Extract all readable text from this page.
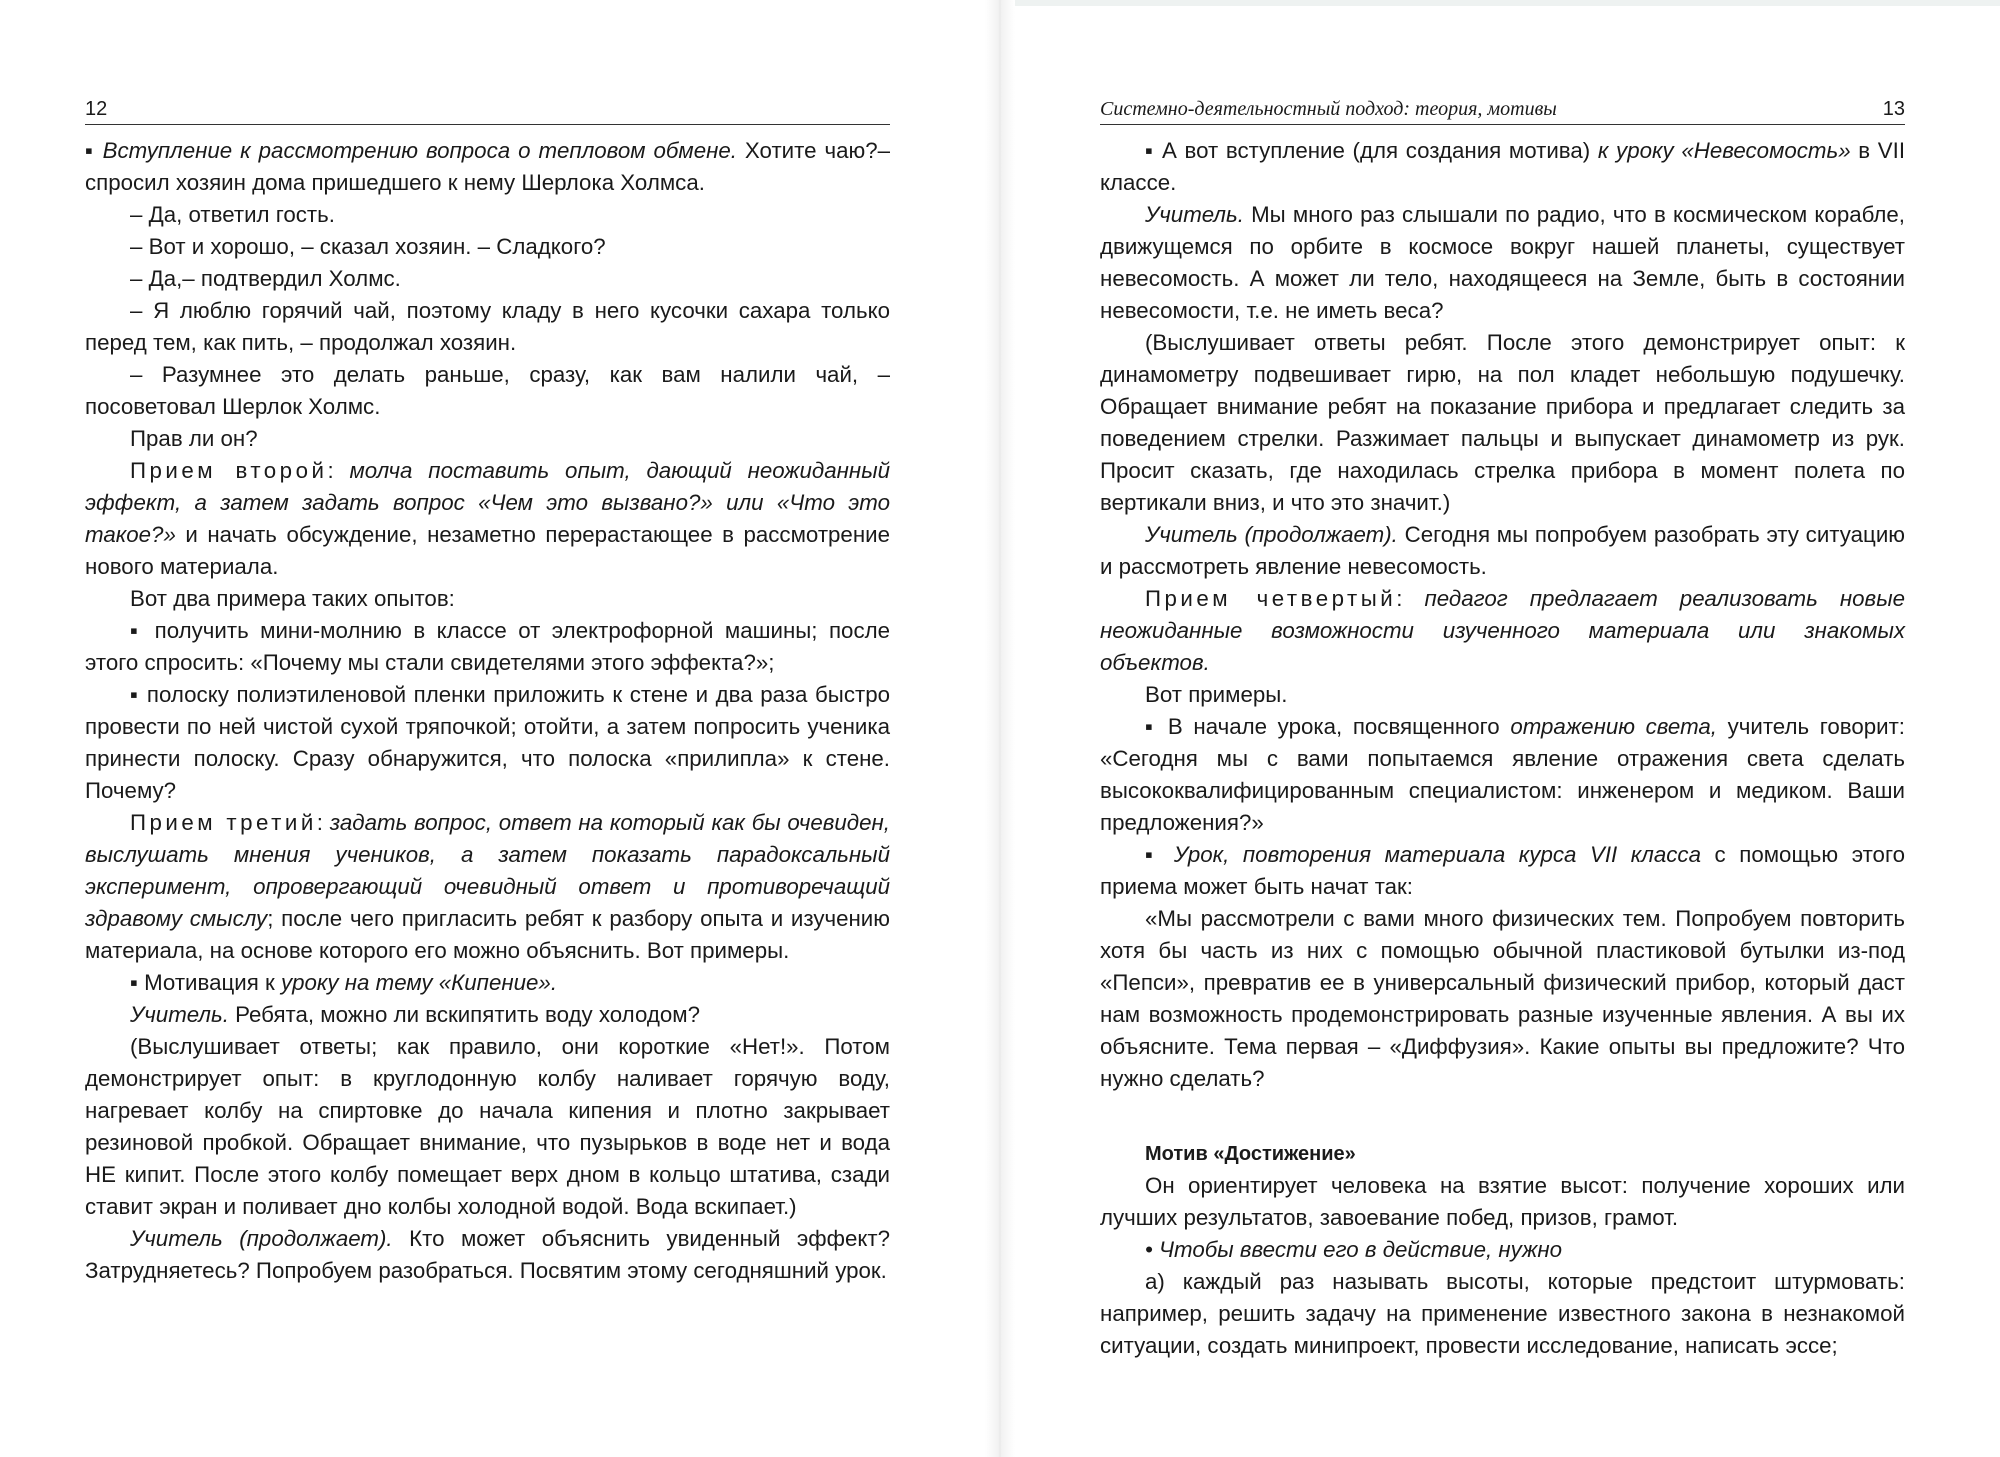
12

▪ Вступление к рассмотрению вопроса о тепловом обмене. Хотите чаю?– спросил хозяин дома пришедшего к нему Шерлока Холмса.

– Да, ответил гость.

– Вот и хорошо, – сказал хозяин. – Сладкого?

– Да,– подтвердил Холмс.

– Я люблю горячий чай, поэтому кладу в него кусочки сахара только перед тем, как пить, – продолжал хозяин.

– Разумнее это делать раньше, сразу, как вам налили чай, – посоветовал Шерлок Холмс.

Прав ли он?

Прием второй: молча поставить опыт, дающий неожиданный эффект, а затем задать вопрос «Чем это вызвано?» или «Что это такое?» и начать обсуждение, незаметно перерастающее в рассмотрение нового материала.

Вот два примера таких опытов:

▪ получить мини-молнию в классе от электрофорной машины; после этого спросить: «Почему мы стали свидетелями этого эффекта?»;

▪ полоску полиэтиленовой пленки приложить к стене и два раза быстро провести по ней чистой сухой тряпочкой; отойти, а затем попросить ученика принести полоску. Сразу обнаружится, что полоска «прилипла» к стене. Почему?

Прием третий: задать вопрос, ответ на который как бы очевиден, выслушать мнения учеников, а затем показать парадоксальный эксперимент, опровергающий очевидный ответ и противоречащий здравому смыслу; после чего пригласить ребят к разбору опыта и изучению материала, на основе которого его можно объяснить. Вот примеры.

▪ Мотивация к уроку на тему «Кипение».

Учитель. Ребята, можно ли вскипятить воду холодом?

(Выслушивает ответы; как правило, они короткие «Нет!». Потом демонстрирует опыт: в круглодонную колбу наливает горячую воду, нагревает колбу на спиртовке до начала кипения и плотно закрывает резиновой пробкой. Обращает внимание, что пузырьков в воде нет и вода НЕ кипит. После этого колбу помещает верх дном в кольцо штатива, сзади ставит экран и поливает дно колбы холодной водой. Вода вскипает.)

Учитель (продолжает). Кто может объяснить увиденный эффект? Затрудняетесь? Попробуем разобраться. Посвятим этому сегодняшний урок.

Системно-деятельностный подход: теория, мотивы	13

▪ А вот вступление (для создания мотива) к уроку «Невесомость» в VII классе.

Учитель. Мы много раз слышали по радио, что в космическом корабле, движущемся по орбите в космосе вокруг нашей планеты, существует невесомость. А может ли тело, находящееся на Земле, быть в состоянии невесомости, т.е. не иметь веса?

(Выслушивает ответы ребят. После этого демонстрирует опыт: к динамометру подвешивает гирю, на пол кладет небольшую подушечку. Обращает внимание ребят на показание прибора и предлагает следить за поведением стрелки. Разжимает пальцы и выпускает динамометр из рук. Просит сказать, где находилась стрелка прибора в момент полета по вертикали вниз, и что это значит.)

Учитель (продолжает). Сегодня мы попробуем разобрать эту ситуацию и рассмотреть явление невесомость.

Прием четвертый: педагог предлагает реализовать новые неожиданные возможности изученного материала или знакомых объектов.

Вот примеры.

▪ В начале урока, посвященного отражению света, учитель говорит: «Сегодня мы с вами попытаемся явление отражения света сделать высококвалифицированным специалистом: инженером и медиком. Ваши предложения?»

▪ Урок, повторения материала курса VII класса с помощью этого приема может быть начат так:

«Мы рассмотрели с вами много физических тем. Попробуем повторить хотя бы часть из них с помощью обычной пластиковой бутылки из-под «Пепси», превратив ее в универсальный физический прибор, который даст нам возможность продемонстрировать разные изученные явления. А вы их объясните. Тема первая – «Диффузия». Какие опыты вы предложите? Что нужно сделать?

Мотив «Достижение»

Он ориентирует человека на взятие высот: получение хороших или лучших результатов, завоевание побед, призов, грамот.

• Чтобы ввести его в действие, нужно

а) каждый раз называть высоты, которые предстоит штурмовать: например, решить задачу на применение известного закона в незнакомой ситуации, создать минипроект, провести исследование, написать эссе;
